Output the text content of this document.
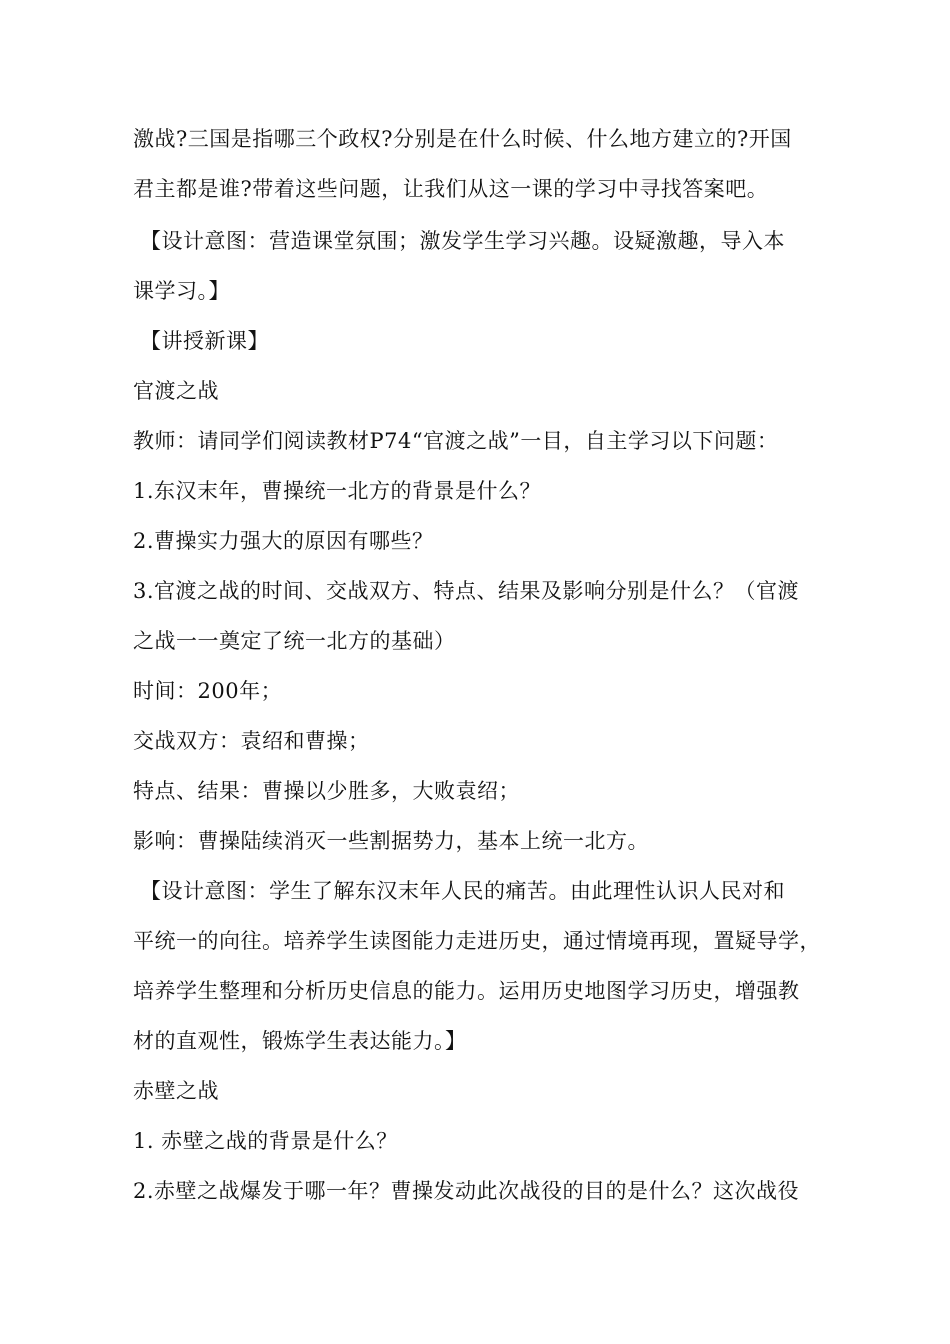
激战?三国是指哪三个政权?分别是在什么时候、什么地方建立的?开国
君主都是谁?带着这些问题，让我们从这一课的学习中寻找答案吧。
【设计意图：营造课堂氛围；激发学生学习兴趣。设疑激趣，导入本
课学习。】
【讲授新课】
官渡之战
教师：请同学们阅读教材P74“官渡之战”一目，自主学习以下问题：
1.东汉末年，曹操统一北方的背景是什么？
2.曹操实力强大的原因有哪些？
3.官渡之战的时间、交战双方、特点、结果及影响分别是什么？（官渡
之战一一奠定了统一北方的基础）
时间：200年；
交战双方：袁绍和曹操；
特点、结果：曹操以少胜多，大败袁绍；
影响：曹操陆续消灭一些割据势力，基本上统一北方。
【设计意图：学生了解东汉末年人民的痛苦。由此理性认识人民对和
平统一的向往。培养学生读图能力走进历史，通过情境再现，置疑导学，
培养学生整理和分析历史信息的能力。运用历史地图学习历史，增强教
材的直观性，锻炼学生表达能力。】
赤壁之战
1. 赤壁之战的背景是什么？
2.赤壁之战爆发于哪一年？曹操发动此次战役的目的是什么？这次战役
